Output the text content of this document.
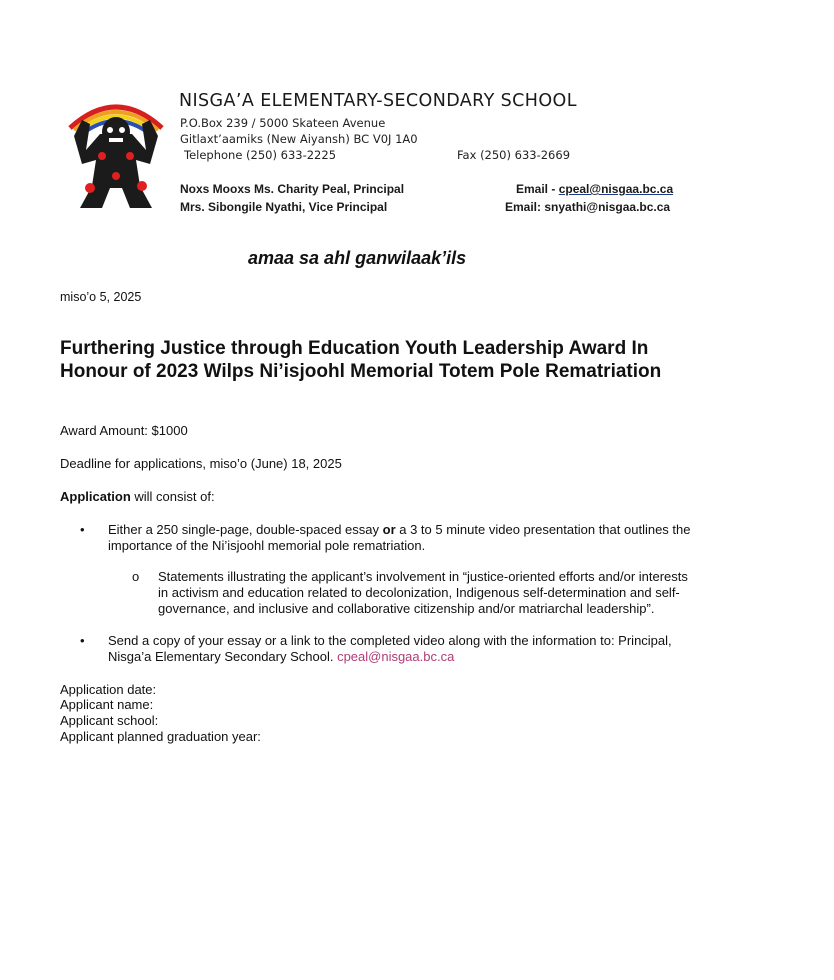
NISGA’A ELEMENTARY-SECONDARY SCHOOL
P.O.Box 239 / 5000 Skateen Avenue
Gitlaxt’aamiks (New Aiyansh) BC V0J 1A0
Telephone (250) 633-2225	Fax (250) 633-2669
Noxs Mooxs Ms. Charity Peal, Principal	Email - cpeal@nisgaa.bc.ca
Mrs. Sibongile Nyathi, Vice Principal	Email: snyathi@nisgaa.bc.ca
amaa sa ahl ganwilaak’ils
miso’o 5, 2025
Furthering Justice through Education Youth Leadership Award In Honour of 2023 Wilps Ni’isjoohl Memorial Totem Pole Rematriation
Award Amount: $1000
Deadline for applications, miso’o (June) 18, 2025
Application will consist of:
• Either a 250 single-page, double-spaced essay or a 3 to 5 minute video presentation that outlines the importance of the Ni’isjoohl memorial pole rematriation.
o Statements illustrating the applicant’s involvement in “justice-oriented efforts and/or interests in activism and education related to decolonization, Indigenous self-determination and self-governance, and inclusive and collaborative citizenship and/or matriarchal leadership”.
• Send a copy of your essay or a link to the completed video along with the information to: Principal, Nisga’a Elementary Secondary School. cpeal@nisgaa.bc.ca
Application date:
Applicant name:
Applicant school:
Applicant planned graduation year:
